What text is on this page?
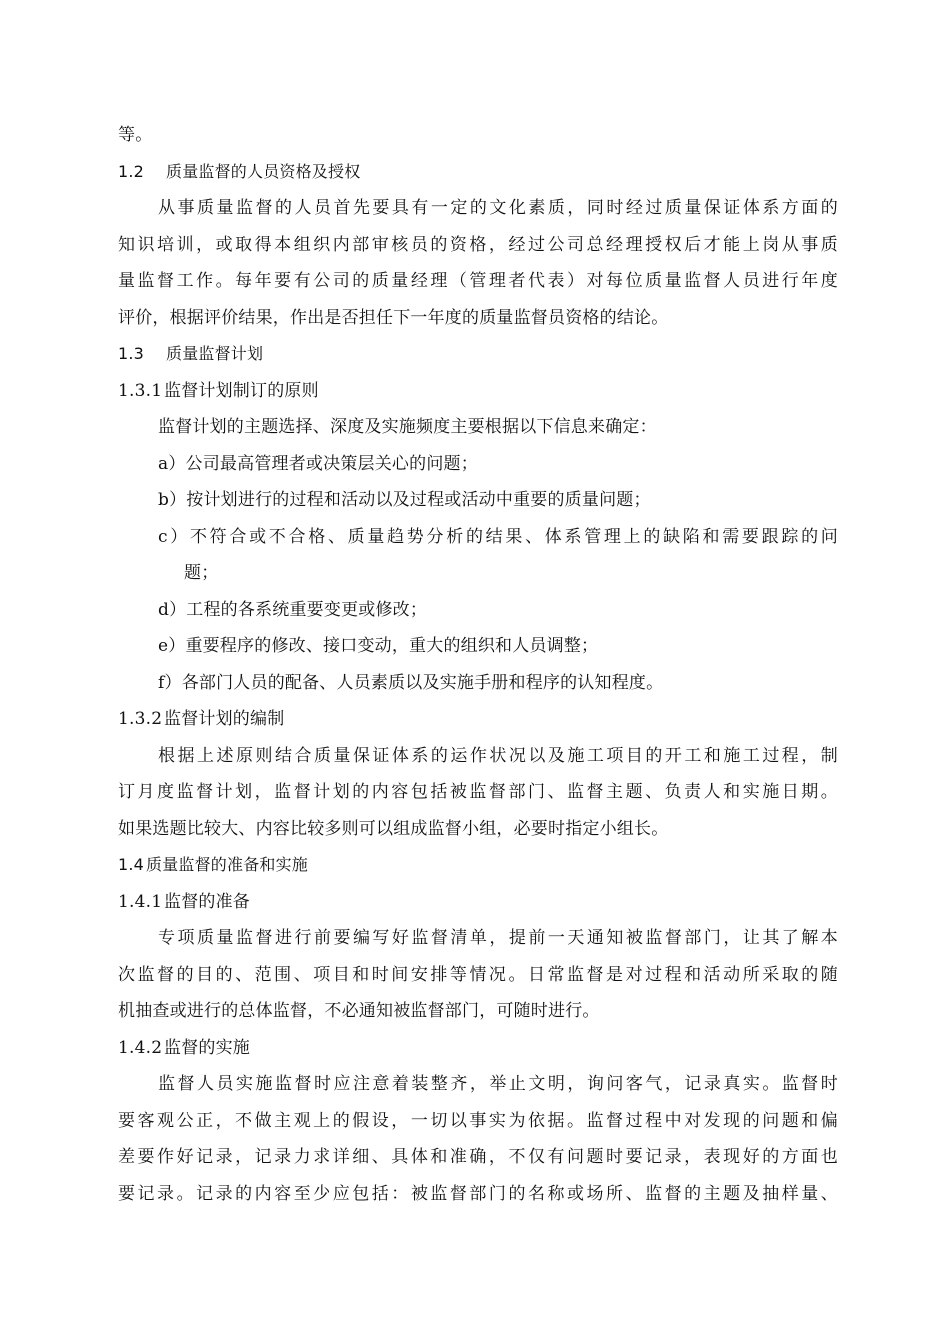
等。
1.2 质量监督的人员资格及授权
从事质量监督的人员首先要具有一定的文化素质，同时经过质量保证体系方面的
知识培训，或取得本组织内部审核员的资格，经过公司总经理授权后才能上岗从事质
量监督工作。每年要有公司的质量经理（管理者代表）对每位质量监督人员进行年度
评价，根据评价结果，作出是否担任下一年度的质量监督员资格的结论。
1.3 质量监督计划
1.3.1 监督计划制订的原则
监督计划的主题选择、深度及实施频度主要根据以下信息来确定：
a）公司最高管理者或决策层关心的问题；
b）按计划进行的过程和活动以及过程或活动中重要的质量问题；
c）不符合或不合格、质量趋势分析的结果、体系管理上的缺陷和需要跟踪的问
题；
d）工程的各系统重要变更或修改；
e）重要程序的修改、接口变动，重大的组织和人员调整；
f）各部门人员的配备、人员素质以及实施手册和程序的认知程度。
1.3.2 监督计划的编制
根据上述原则结合质量保证体系的运作状况以及施工项目的开工和施工过程，制
订月度监督计划，监督计划的内容包括被监督部门、监督主题、负责人和实施日期。
如果选题比较大、内容比较多则可以组成监督小组，必要时指定小组长。
1.4 质量监督的准备和实施
1.4.1 监督的准备
专项质量监督进行前要编写好监督清单，提前一天通知被监督部门，让其了解本
次监督的目的、范围、项目和时间安排等情况。日常监督是对过程和活动所采取的随
机抽查或进行的总体监督，不必通知被监督部门，可随时进行。
1.4.2 监督的实施
监督人员实施监督时应注意着装整齐，举止文明，询问客气，记录真实。监督时
要客观公正，不做主观上的假设，一切以事实为依据。监督过程中对发现的问题和偏
差要作好记录，记录力求详细、具体和准确，不仅有问题时要记录，表现好的方面也
要记录。记录的内容至少应包括：被监督部门的名称或场所、监督的主题及抽样量、
